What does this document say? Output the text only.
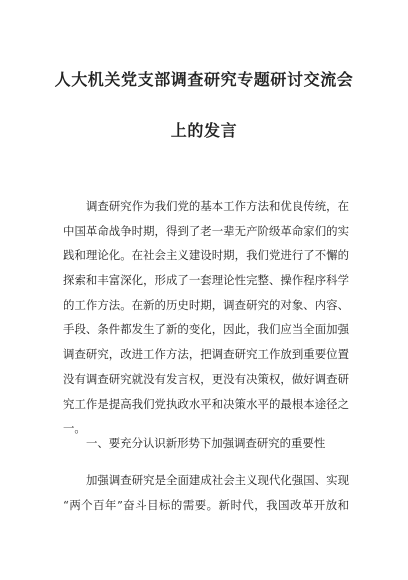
人大机关党支部调查研究专题研讨交流会
上的发言
调查研究作为我们党的基本工作方法和优良传统，在
中国革命战争时期，得到了老一辈无产阶级革命家们的实
践和理论化。在社会主义建设时期，我们党进行了不懈的
探索和丰富深化，形成了一套理论性完整、操作程序科学
的工作方法。在新的历史时期，调查研究的对象、内容、
手段、条件都发生了新的变化，因此，我们应当全面加强
调查研究，改进工作方法，把调查研究工作放到重要位置
没有调查研究就没有发言权，更没有决策权，做好调查研
究工作是提高我们党执政水平和决策水平的最根本途径之
一。
一、要充分认识新形势下加强调查研究的重要性
加强调查研究是全面建成社会主义现代化强国、实现
“两个百年”奋斗目标的需要。新时代，我国改革开放和
